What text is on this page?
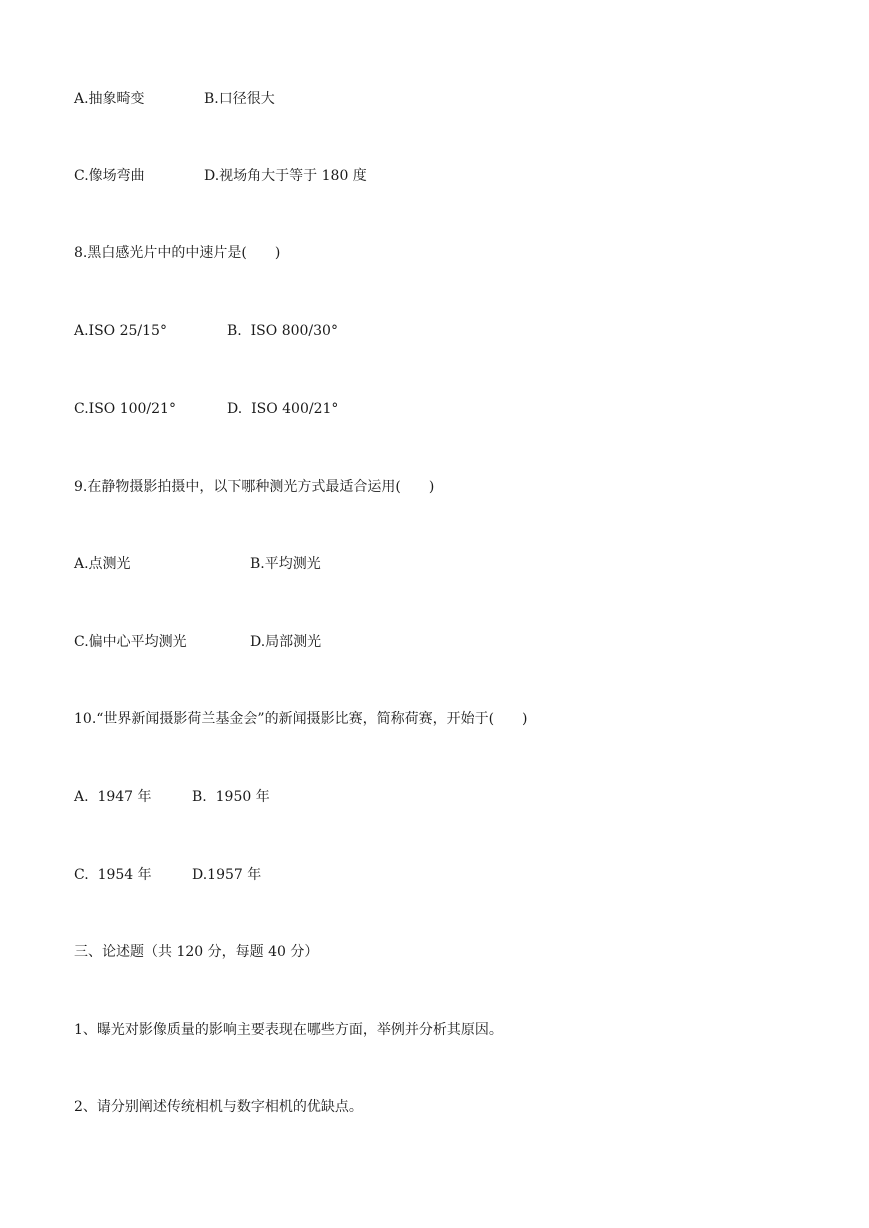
A.抽象畸变	B.口径很大
C.像场弯曲	D.视场角大于等于 180 度
8.黑白感光片中的中速片是(　　)
A.ISO 25/15°	B.  ISO 800/30°
C.ISO 100/21°	D.  ISO 400/21°
9.在静物摄影拍摄中，以下哪种测光方式最适合运用(　　)
A.点测光	B.平均测光
C.偏中心平均测光	D.局部测光
10.“世界新闻摄影荷兰基金会”的新闻摄影比赛，简称荷赛，开始于(　　)
A.  1947 年	B.  1950 年
C.  1954 年	D.1957 年
三、论述题（共 120 分，每题 40 分）
1、曝光对影像质量的影响主要表现在哪些方面，举例并分析其原因。
2、请分别阐述传统相机与数字相机的优缺点。
